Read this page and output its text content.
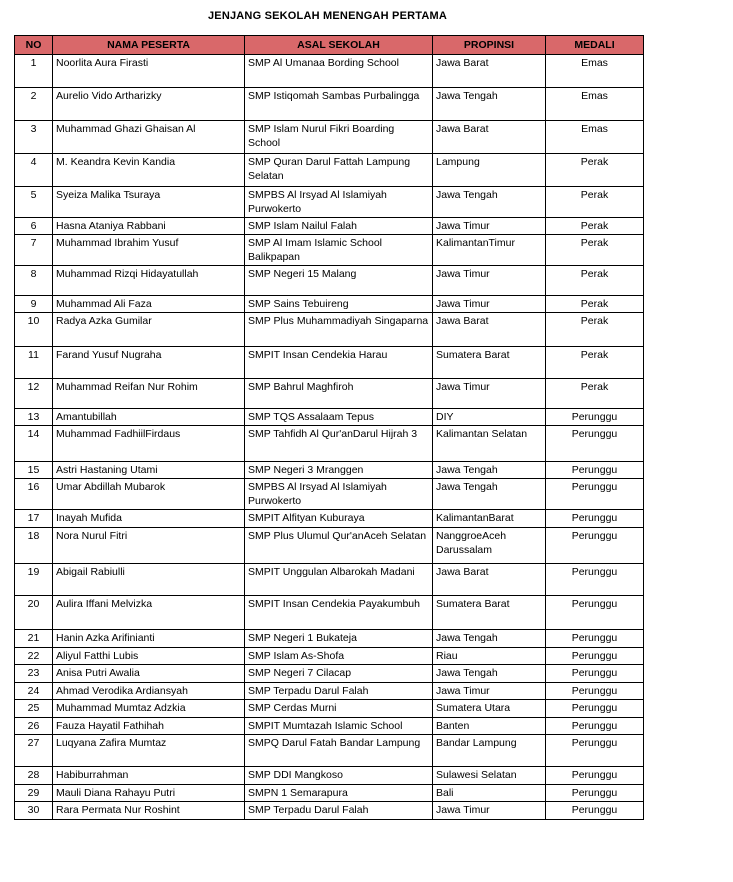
JENJANG SEKOLAH MENENGAH PERTAMA
NO	NAMA PESERTA	ASAL SEKOLAH	PROPINSI	MEDALI
1	Noorlita Aura Firasti	SMP Al Umanaa Bording School	Jawa Barat	Emas
2	Aurelio Vido Artharizky	SMP Istiqomah Sambas Purbalingga	Jawa Tengah	Emas
3	Muhammad Ghazi Ghaisan Al	SMP Islam Nurul Fikri Boarding School	Jawa Barat	Emas
4	M. Keandra Kevin Kandia	SMP Quran Darul Fattah Lampung Selatan	Lampung	Perak
5	Syeiza Malika Tsuraya	SMPBS Al Irsyad Al Islamiyah Purwokerto	Jawa Tengah	Perak
6	Hasna Ataniya Rabbani	SMP Islam Nailul Falah	Jawa Timur	Perak
7	Muhammad Ibrahim Yusuf	SMP Al Imam Islamic School Balikpapan	KalimantanTimur	Perak
8	Muhammad Rizqi Hidayatullah	SMP Negeri 15 Malang	Jawa Timur	Perak
9	Muhammad Ali Faza	SMP Sains Tebuireng	Jawa Timur	Perak
10	Radya Azka Gumilar	SMP Plus Muhammadiyah Singaparna	Jawa Barat	Perak
11	Farand Yusuf Nugraha	SMPIT Insan Cendekia Harau	Sumatera Barat	Perak
12	Muhammad Reifan Nur Rohim	SMP Bahrul Maghfiroh	Jawa Timur	Perak
13	Amantubillah	SMP TQS Assalaam Tepus	DIY	Perunggu
14	Muhammad FadhiilFirdaus	SMP Tahfidh Al Qur'anDarul Hijrah 3	Kalimantan Selatan	Perunggu
15	Astri Hastaning Utami	SMP Negeri 3 Mranggen	Jawa Tengah	Perunggu
16	Umar Abdillah Mubarok	SMPBS Al Irsyad Al Islamiyah Purwokerto	Jawa Tengah	Perunggu
17	Inayah Mufida	SMPIT Alfityan Kuburaya	KalimantanBarat	Perunggu
18	Nora Nurul Fitri	SMP Plus Ulumul Qur'anAceh Selatan	NanggroeAceh Darussalam	Perunggu
19	Abigail Rabiulli	SMPIT Unggulan Albarokah Madani	Jawa Barat	Perunggu
20	Aulira Iffani Melvizka	SMPIT Insan Cendekia Payakumbuh	Sumatera Barat	Perunggu
21	Hanin Azka Arifinianti	SMP Negeri 1 Bukateja	Jawa Tengah	Perunggu
22	Aliyul Fatthi Lubis	SMP Islam As-Shofa	Riau	Perunggu
23	Anisa Putri Awalia	SMP Negeri 7 Cilacap	Jawa Tengah	Perunggu
24	Ahmad Verodika Ardiansyah	SMP Terpadu Darul Falah	Jawa Timur	Perunggu
25	Muhammad Mumtaz Adzkia	SMP Cerdas Murni	Sumatera Utara	Perunggu
26	Fauza Hayatil Fathihah	SMPIT Mumtazah Islamic School	Banten	Perunggu
27	Luqyana Zafira Mumtaz	SMPQ Darul Fatah Bandar Lampung	Bandar Lampung	Perunggu
28	Habiburrahman	SMP DDI Mangkoso	Sulawesi Selatan	Perunggu
29	Mauli Diana Rahayu Putri	SMPN 1 Semarapura	Bali	Perunggu
30	Rara Permata Nur Roshint	SMP Terpadu Darul Falah	Jawa Timur	Perunggu
